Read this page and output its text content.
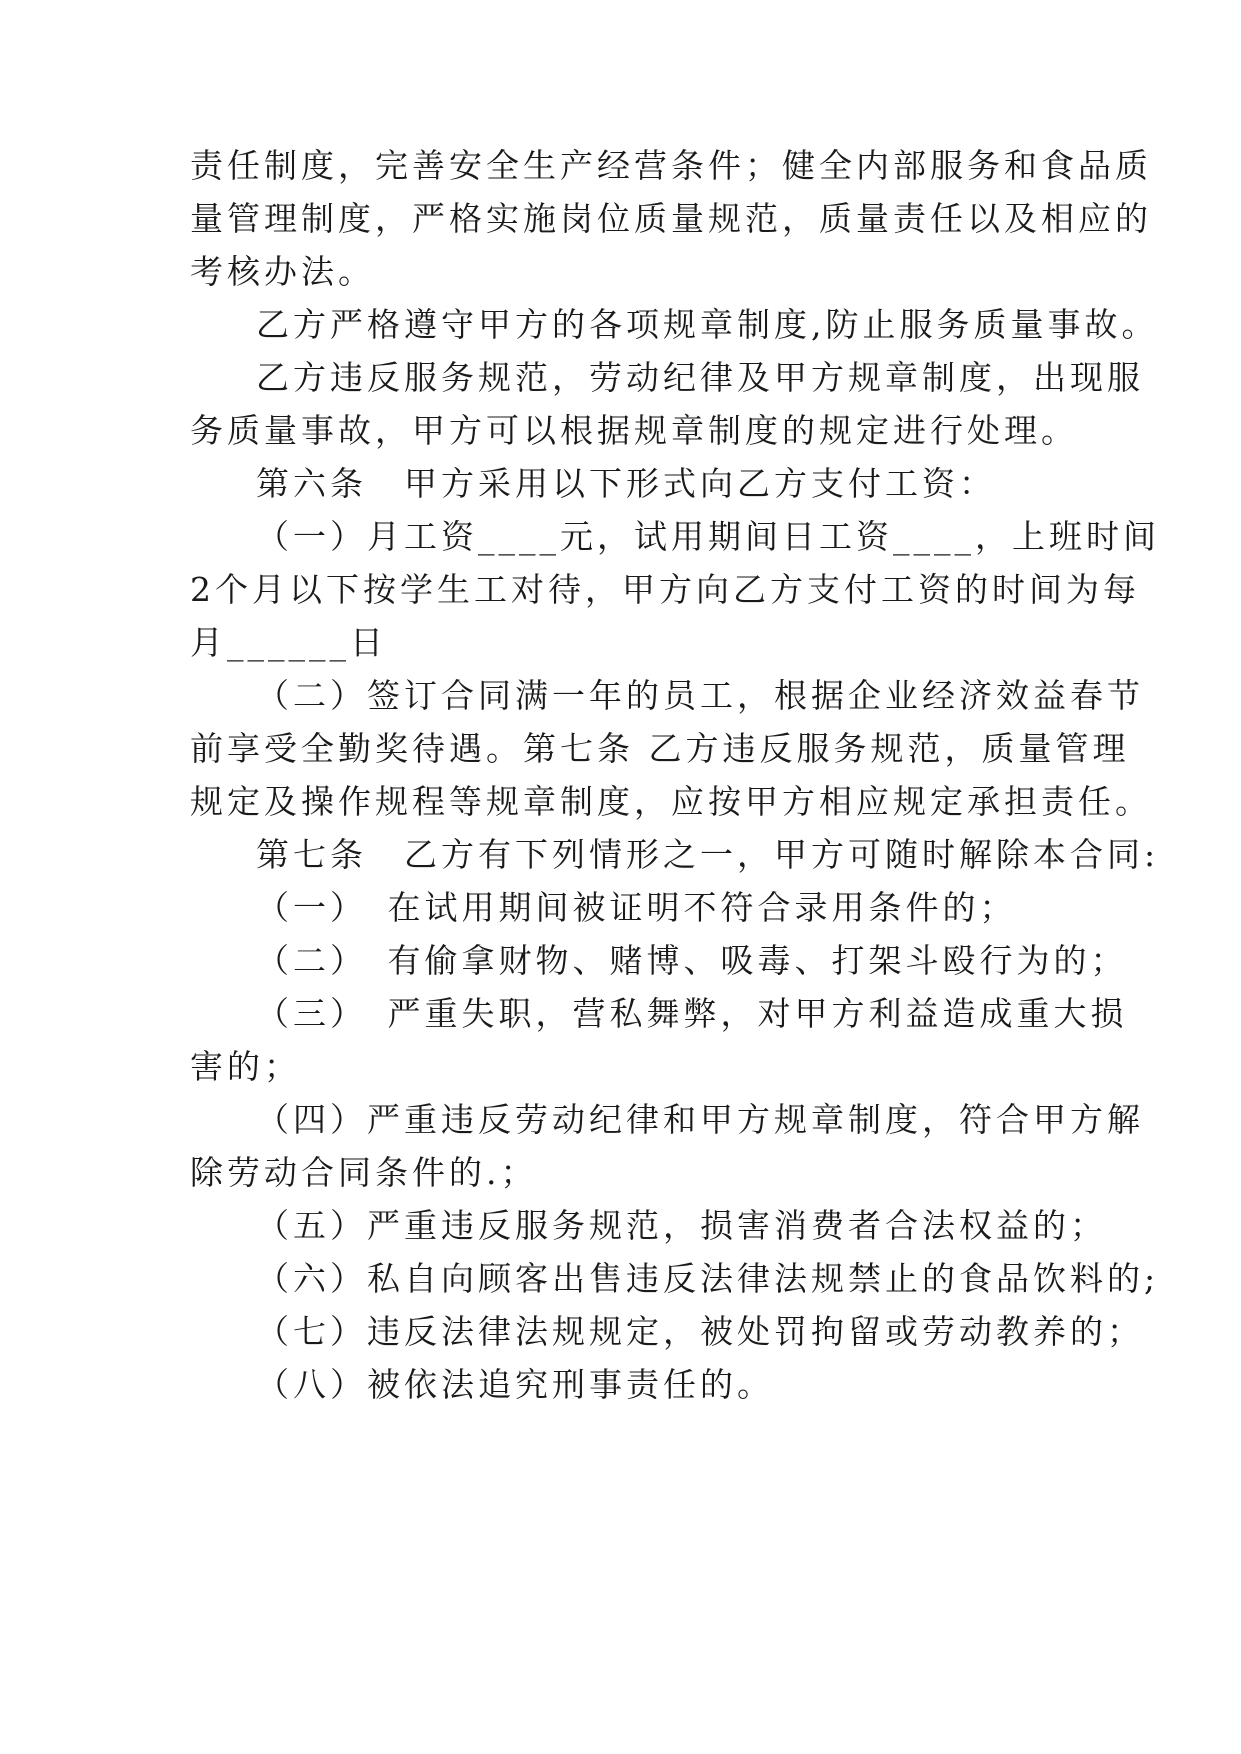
责任制度，完善安全生产经营条件；健全内部服务和食品质
量管理制度，严格实施岗位质量规范，质量责任以及相应的
考核办法。
乙方严格遵守甲方的各项规章制度,防止服务质量事故。
乙方违反服务规范，劳动纪律及甲方规章制度，出现服
务质量事故，甲方可以根据规章制度的规定进行处理。
第六条　甲方采用以下形式向乙方支付工资：
（一）月工资____元，试用期间日工资____，上班时间
2个月以下按学生工对待，甲方向乙方支付工资的时间为每
月______日
（二）签订合同满一年的员工，根据企业经济效益春节
前享受全勤奖待遇。第七条 乙方违反服务规范，质量管理
规定及操作规程等规章制度，应按甲方相应规定承担责任。
第七条　乙方有下列情形之一，甲方可随时解除本合同:
（一）　在试用期间被证明不符合录用条件的；
（二）　有偷拿财物、赌博、吸毒、打架斗殴行为的；
（三）　严重失职，营私舞弊，对甲方利益造成重大损
害的；
（四）严重违反劳动纪律和甲方规章制度，符合甲方解
除劳动合同条件的.；
（五）严重违反服务规范，损害消费者合法权益的；
（六）私自向顾客出售违反法律法规禁止的食品饮料的;
（七）违反法律法规规定，被处罚拘留或劳动教养的；
（八）被依法追究刑事责任的。
